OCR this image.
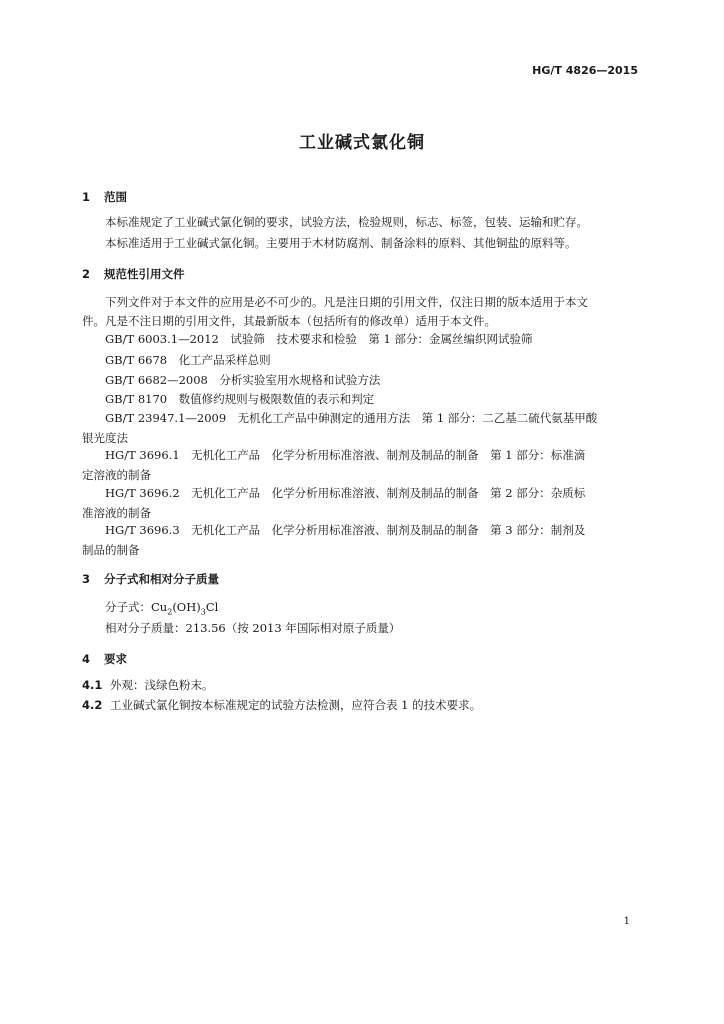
HG/T 4826—2015
工业碱式氯化铜
1 范围
本标准规定了工业碱式氯化铜的要求，试验方法，检验规则，标志、标签，包装、运输和贮存。
本标准适用于工业碱式氯化铜。主要用于木材防腐剂、制备涂料的原料、其他铜盐的原料等。
2 规范性引用文件
下列文件对于本文件的应用是必不可少的。凡是注日期的引用文件，仅注日期的版本适用于本文
件。凡是不注日期的引用文件，其最新版本（包括所有的修改单）适用于本文件。
GB/T 6003.1—2012　试验筛　技术要求和检验　第 1 部分：金属丝编织网试验筛
GB/T 6678　化工产品采样总则
GB/T 6682—2008　分析实验室用水规格和试验方法
GB/T 8170　数值修约规则与极限数值的表示和判定
GB/T 23947.1—2009　无机化工产品中砷测定的通用方法　第 1 部分：二乙基二硫代氨基甲酸
银光度法
HG/T 3696.1　无机化工产品　化学分析用标准溶液、制剂及制品的制备　第 1 部分：标准滴
定溶液的制备
HG/T 3696.2　无机化工产品　化学分析用标准溶液、制剂及制品的制备　第 2 部分：杂质标
准溶液的制备
HG/T 3696.3　无机化工产品　化学分析用标准溶液、制剂及制品的制备　第 3 部分：制剂及
制品的制备
3 分子式和相对分子质量
分子式：$Cu_2(OH)_3Cl$
相对分子质量：213.56（按 2013 年国际相对原子质量）
4 要求
4.1 外观：浅绿色粉末。
4.2 工业碱式氯化铜按本标准规定的试验方法检测，应符合表 1 的技术要求。
1
